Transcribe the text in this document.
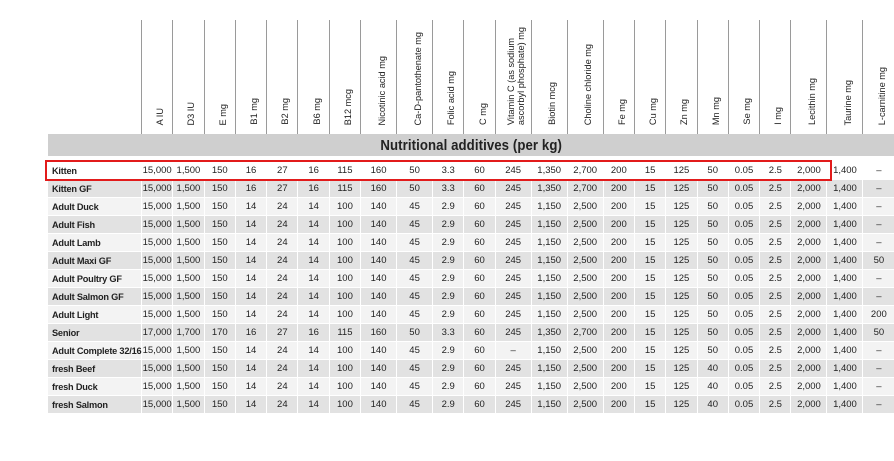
	A IU	D3 IU	E mg	B1 mg	B2 mg	B6 mg	B12 mcg	Nicotinic acid mg	Ca-D-pantothenate mg	Folic acid mg	C mg	Vitamin C (as sodium
ascorbyl phosphate) mg	Biotin mcg	Choline chloride mg	Fe mg	Cu mg	Zn mg	Mn mg	Se mg	I mg	Lecithin mg	Taurine mg	L-carnitine mg
Nutritional additives (per kg)																							

Kitten	15,000	1,500	150	16	27	16	115	160	50	3.3	60	245	1,350	2,700	200	15	125	50	0.05	2.5	2,000	1,400	–
Kitten GF	15,000	1,500	150	16	27	16	115	160	50	3.3	60	245	1,350	2,700	200	15	125	50	0.05	2.5	2,000	1,400	–
Adult Duck	15,000	1,500	150	14	24	14	100	140	45	2.9	60	245	1,150	2,500	200	15	125	50	0.05	2.5	2,000	1,400	–
Adult Fish	15,000	1,500	150	14	24	14	100	140	45	2.9	60	245	1,150	2,500	200	15	125	50	0.05	2.5	2,000	1,400	–
Adult Lamb	15,000	1,500	150	14	24	14	100	140	45	2.9	60	245	1,150	2,500	200	15	125	50	0.05	2.5	2,000	1,400	–
Adult Maxi GF	15,000	1,500	150	14	24	14	100	140	45	2.9	60	245	1,150	2,500	200	15	125	50	0.05	2.5	2,000	1,400	50
Adult Poultry GF	15,000	1,500	150	14	24	14	100	140	45	2.9	60	245	1,150	2,500	200	15	125	50	0.05	2.5	2,000	1,400	–
Adult Salmon GF	15,000	1,500	150	14	24	14	100	140	45	2.9	60	245	1,150	2,500	200	15	125	50	0.05	2.5	2,000	1,400	–
Adult Light	15,000	1,500	150	14	24	14	100	140	45	2.9	60	245	1,150	2,500	200	15	125	50	0.05	2.5	2,000	1,400	200
Senior	17,000	1,700	170	16	27	16	115	160	50	3.3	60	245	1,350	2,700	200	15	125	50	0.05	2.5	2,000	1,400	50
Adult Complete 32/16	15,000	1,500	150	14	24	14	100	140	45	2.9	60	–	1,150	2,500	200	15	125	50	0.05	2.5	2,000	1,400	–
fresh Beef	15,000	1,500	150	14	24	14	100	140	45	2.9	60	245	1,150	2,500	200	15	125	40	0.05	2.5	2,000	1,400	–
fresh Duck	15,000	1,500	150	14	24	14	100	140	45	2.9	60	245	1,150	2,500	200	15	125	40	0.05	2.5	2,000	1,400	–
fresh Salmon	15,000	1,500	150	14	24	14	100	140	45	2.9	60	245	1,150	2,500	200	15	125	40	0.05	2.5	2,000	1,400	–
